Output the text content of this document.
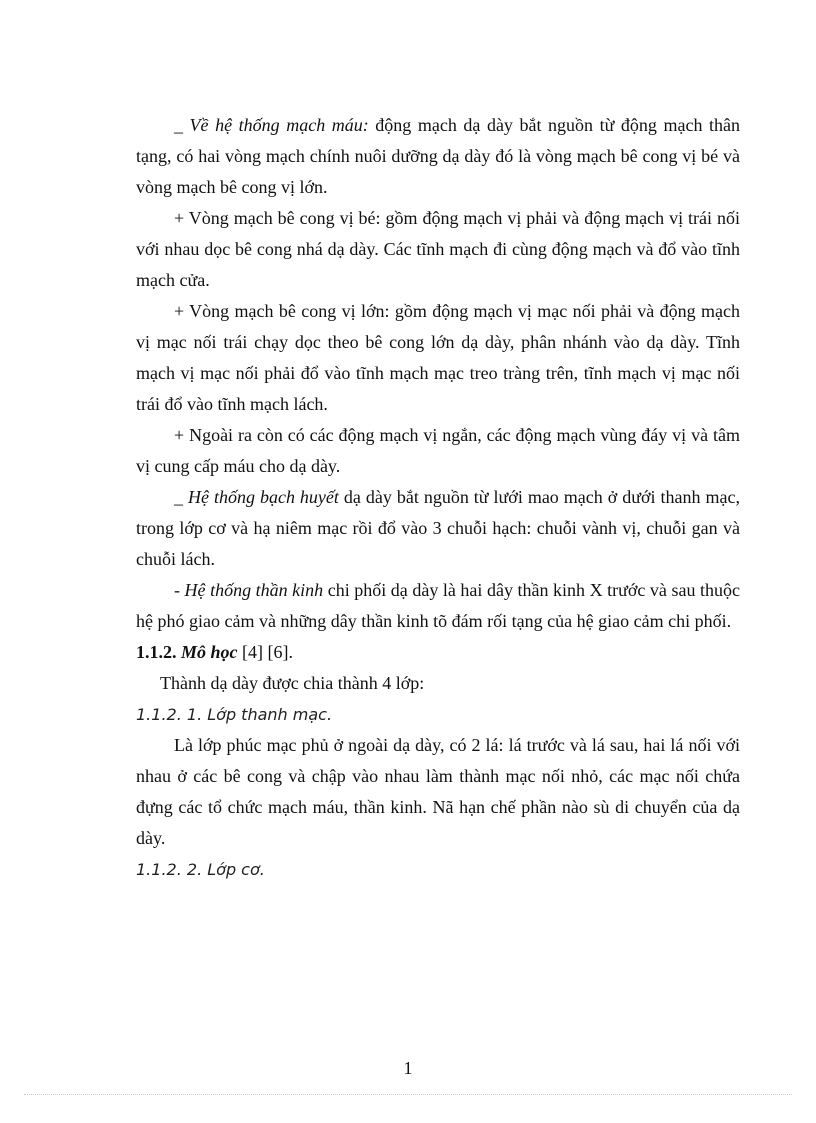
_ Về hệ thống mạch máu: động mạch dạ dày bắt nguồn từ động mạch thân tạng, có hai vòng mạch chính nuôi dưỡng dạ dày đó là vòng mạch bê cong vị bé và vòng mạch bê cong vị lớn.

+ Vòng mạch bê cong vị bé: gồm động mạch vị phải và động mạch vị trái nối với nhau dọc bê cong nhá dạ dày. Các tĩnh mạch đi cùng động mạch và đổ vào tĩnh mạch cửa.

+ Vòng mạch bê cong vị lớn: gồm động mạch vị mạc nối phải và động mạch vị mạc nối trái chạy dọc theo bê cong lớn dạ dày, phân nhánh vào dạ dày. Tĩnh mạch vị mạc nối phải đổ vào tĩnh mạch mạc treo tràng trên, tĩnh mạch vị mạc nối trái đổ vào tĩnh mạch lách.

+ Ngoài ra còn có các động mạch vị ngắn, các động mạch vùng đáy vị và tâm vị cung cấp máu cho dạ dày.

_ Hệ thống bạch huyết dạ dày bắt nguồn từ lưới mao mạch ở dưới thanh mạc, trong lớp cơ và hạ niêm mạc rồi đổ vào 3 chuỗi hạch: chuỗi vành vị, chuỗi gan và chuỗi lách.

- Hệ thống thần kinh chi phối dạ dày là hai dây thần kinh X trước và sau thuộc hệ phó giao cảm và những dây thần kinh tõ đám rối tạng của hệ giao cảm chi phối.

1.1.2. Mô học [4] [6].

Thành dạ dày được chia thành 4 lớp:

1.1.2. 1. Lớp thanh mạc.

Là lớp phúc mạc phủ ở ngoài dạ dày, có 2 lá: lá trước và lá sau, hai lá nối với nhau ở các bê cong và chập vào nhau làm thành mạc nối nhỏ, các mạc nối chứa đựng các tổ chức mạch máu, thần kinh. Nã hạn chế phần nào sù di chuyển của dạ dày.

1.1.2. 2. Lớp cơ.

1
